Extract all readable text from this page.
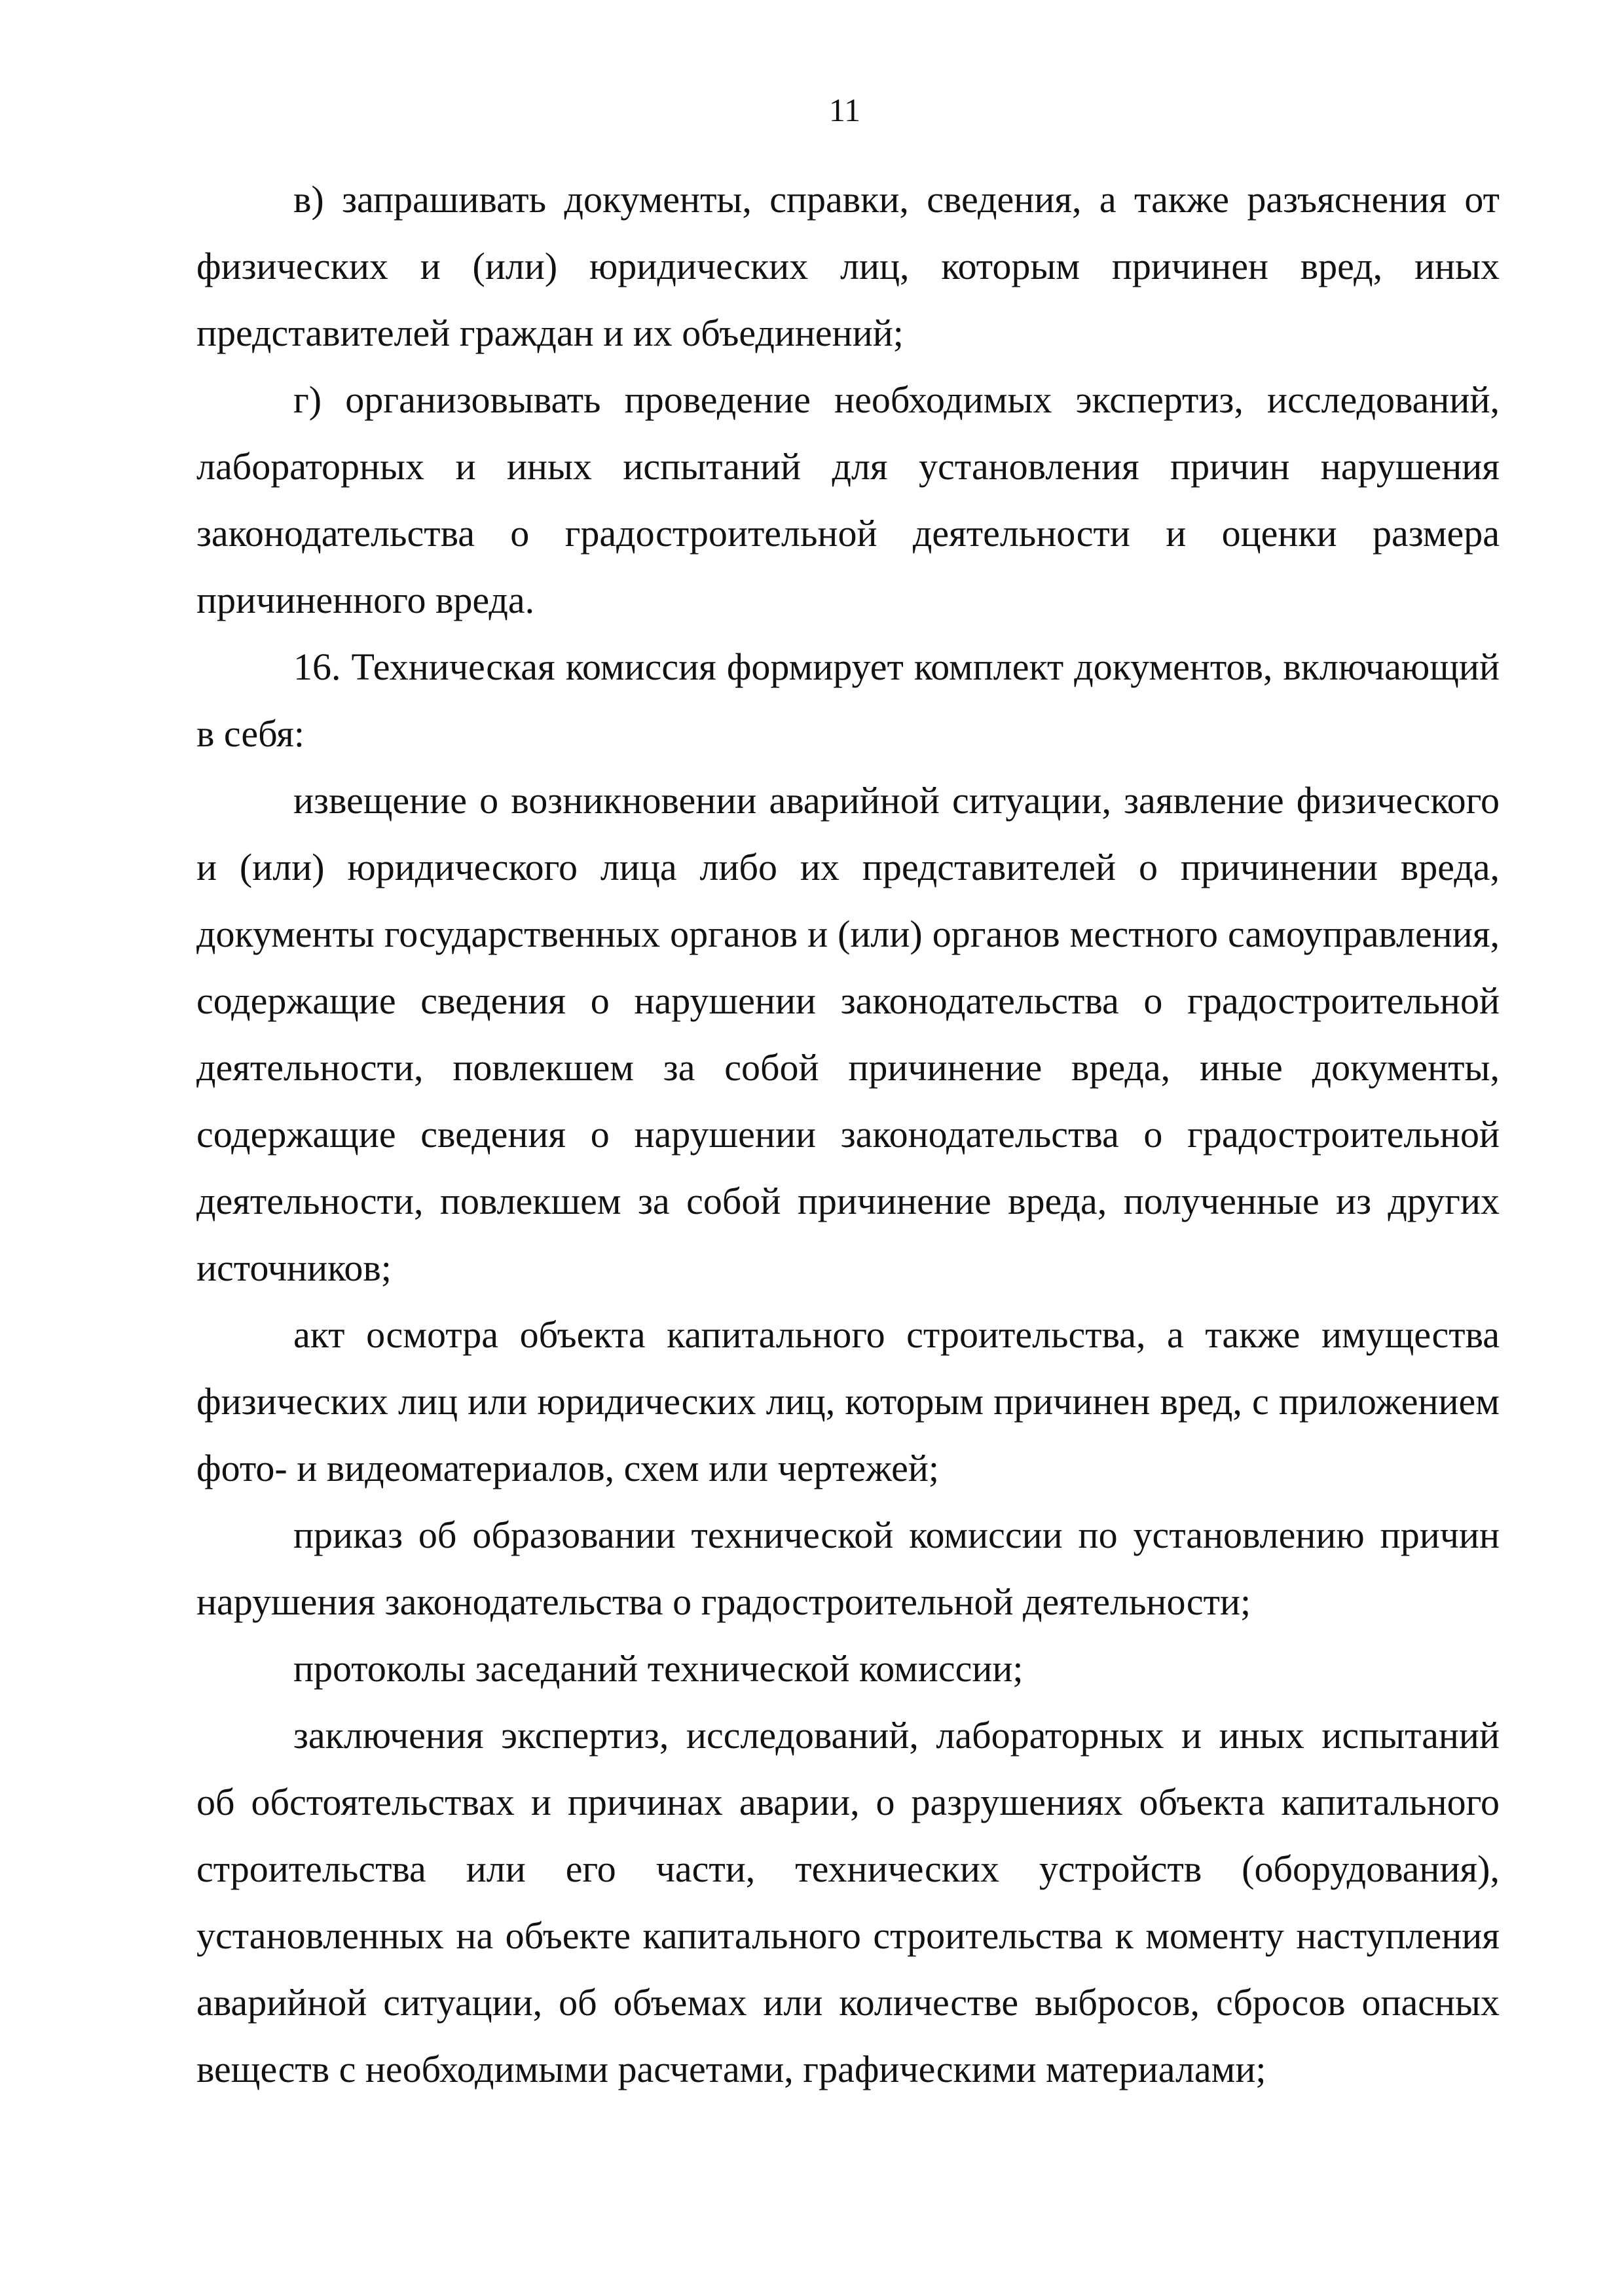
11

в) запрашивать документы, справки, сведения, а также разъяснения от физических и (или) юридических лиц, которым причинен вред, иных представителей граждан и их объединений;

г) организовывать проведение необходимых экспертиз, исследований, лабораторных и иных испытаний для установления причин нарушения законодательства о градостроительной деятельности и оценки размера причиненного вреда.

16. Техническая комиссия формирует комплект документов, включающий в себя:

извещение о возникновении аварийной ситуации, заявление физического и (или) юридического лица либо их представителей о причинении вреда, документы государственных органов и (или) органов местного самоуправления, содержащие сведения о нарушении законодательства о градостроительной деятельности, повлекшем за собой причинение вреда, иные документы, содержащие сведения о нарушении законодательства о градостроительной деятельности, повлекшем за собой причинение вреда, полученные из других источников;

акт осмотра объекта капитального строительства, а также имущества физических лиц или юридических лиц, которым причинен вред, с приложением фото- и видеоматериалов, схем или чертежей;

приказ об образовании технической комиссии по установлению причин нарушения законодательства о градостроительной деятельности;

протоколы заседаний технической комиссии;

заключения экспертиз, исследований, лабораторных и иных испытаний об обстоятельствах и причинах аварии, о разрушениях объекта капитального строительства или его части, технических устройств (оборудования), установленных на объекте капитального строительства к моменту наступления аварийной ситуации, об объемах или количестве выбросов, сбросов опасных веществ с необходимыми расчетами, графическими материалами;
